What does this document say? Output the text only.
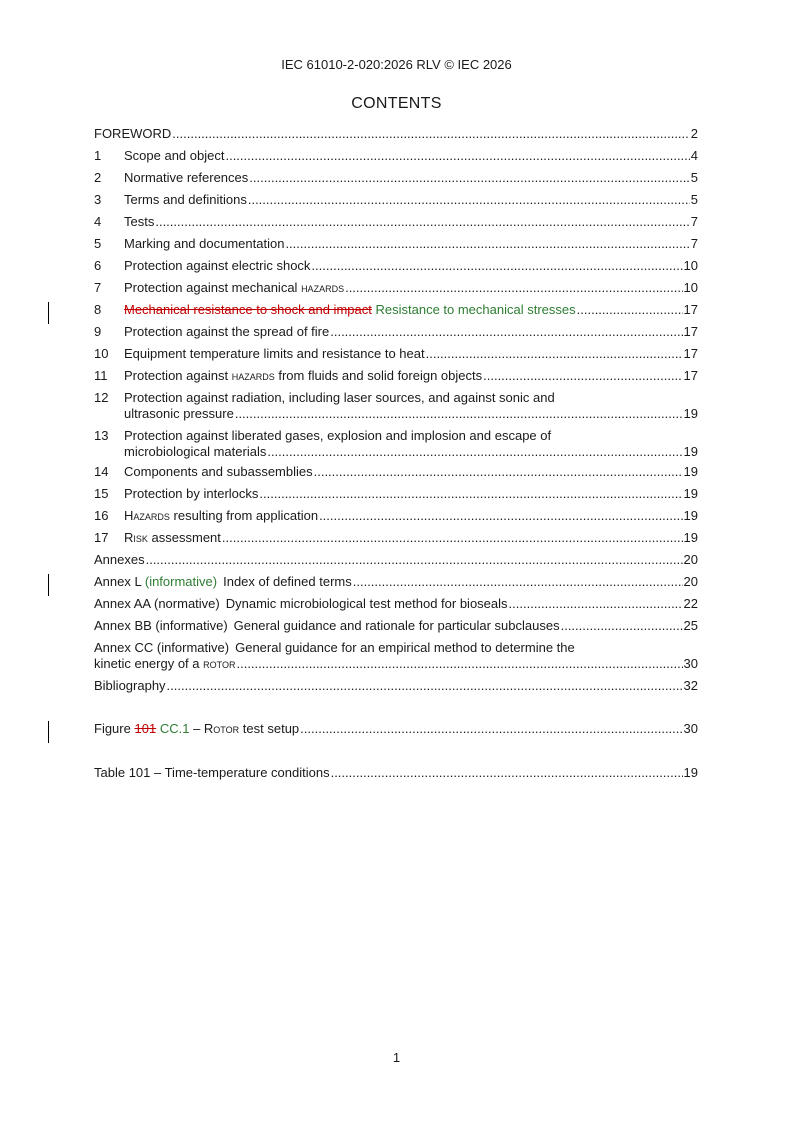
IEC 61010-2-020:2026 RLV © IEC 2026
CONTENTS
FOREWORD .....	2
1	Scope and object .....	4
2	Normative references .....	5
3	Terms and definitions .....	5
4	Tests .....	7
5	Marking and documentation .....	7
6	Protection against electric shock .....	10
7	Protection against mechanical hazards .....	10
8	Mechanical resistance to shock and impact Resistance to mechanical stresses .....	17
9	Protection against the spread of fire .....	17
10	Equipment temperature limits and resistance to heat .....	17
11	Protection against hazards from fluids and solid foreign objects .....	17
12	Protection against radiation, including laser sources, and against sonic and
ultrasonic pressure .....	19
13	Protection against liberated gases, explosion and implosion and escape of
microbiological materials .....	19
14	Components and subassemblies .....	19
15	Protection by interlocks .....	19
16	Hazards resulting from application .....	19
17	Risk assessment .....	19
Annexes .....	20
Annex L (informative) Index of defined terms .....	20
Annex AA (normative) Dynamic microbiological test method for bioseals .....	22
Annex BB (informative) General guidance and rationale for particular subclauses .....	25
Annex CC (informative) General guidance for an empirical method to determine the
kinetic energy of a rotor .....	30
Bibliography .....	32
Figure 101 CC.1 – Rotor test setup .....	30
Table 101 – Time-temperature conditions .....	19
1
